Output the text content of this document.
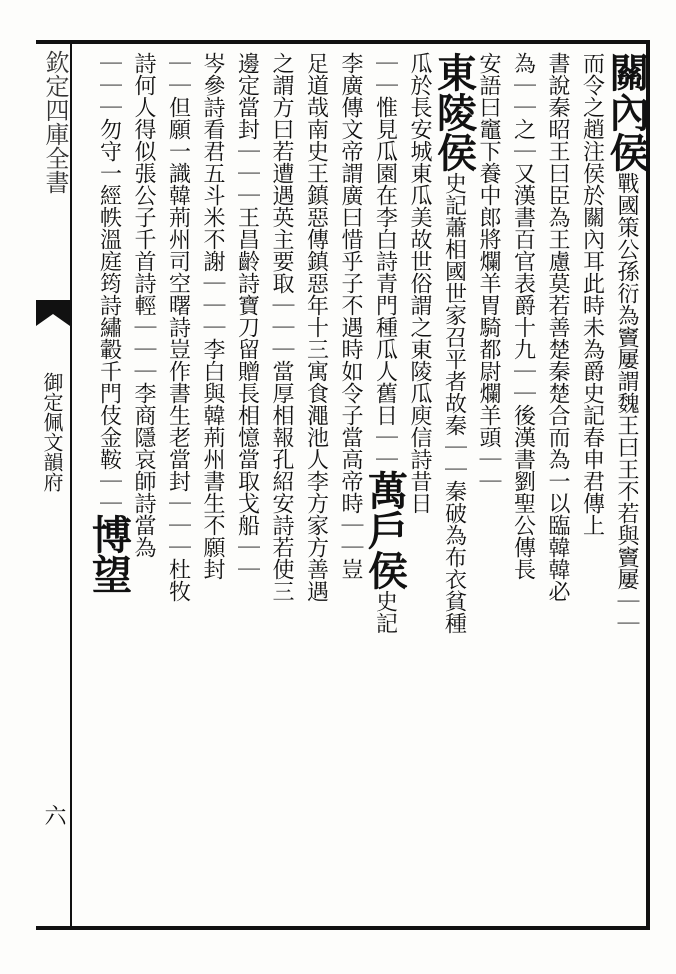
欽定四庫全書
御定佩文韻府
六
關內侯戰國策公孫衍為竇屢謂魏王曰王不若與竇屢｜｜
而令之趙注侯於關內耳此時未為爵史記春申君傳上
書說秦昭王曰臣為王慮莫若善楚秦楚合而為一以臨韓韓必
為｜｜之｜又漢書百官表爵十九｜｜後漢書劉聖公傳長
安語曰竈下養中郎將爛羊胃騎都尉爛羊頭｜｜
東陵侯史記蕭相國世家召平者故秦｜｜秦破為布衣貧種
瓜於長安城東瓜美故世俗謂之東陵瓜庾信詩昔日
｜｜惟見瓜園在李白詩青門種瓜人舊日｜｜萬戶侯史記
李廣傳文帝謂廣曰惜乎子不遇時如令子當高帝時｜｜豈
足道哉南史王鎮惡傳鎮惡年十三寓食澠池人李方家方善遇
之謂方曰若遭遇英主要取｜｜｜當厚相報孔紹安詩若使三
邊定當封｜｜｜王昌齡詩寶刀留贈長相憶當取戈船｜｜
岑參詩看君五斗米不謝｜｜｜李白與韓荊州書生不願封
｜｜但願一識韓荊州司空曙詩豈作書生老當封｜｜｜杜牧
詩何人得似張公子千首詩輕｜｜｜李商隱哀師詩當為
｜｜｜勿守一經帙溫庭筠詩繡轂千門伎金鞍｜｜博望
